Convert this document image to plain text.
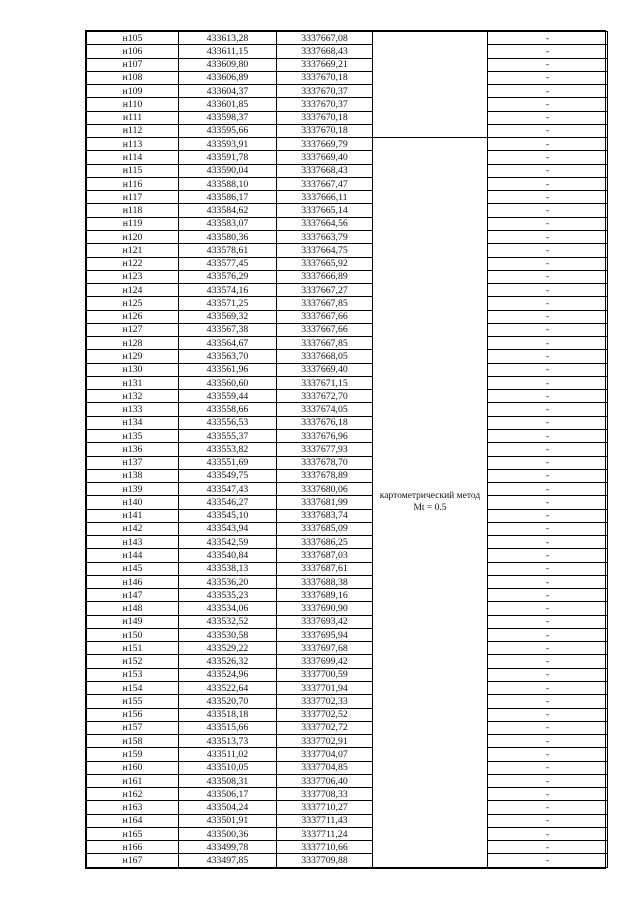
н105	433613,28	3337667,08		-
н106	433611,15	3337668,43		-
н107	433609,80	3337669,21		-
н108	433606,89	3337670,18		-
н109	433604,37	3337670,37		-
н110	433601,85	3337670,37		-
н111	433598,37	3337670,18		-
н112	433595,66	3337670,18		-
н113	433593,91	3337669,79	картометрический метод Mt = 0.5	-
н114	433591,78	3337669,40		-
н115	433590,04	3337668,43		-
н116	433588,10	3337667,47		-
н117	433586,17	3337666,11		-
н118	433584,62	3337665,14		-
н119	433583,07	3337664,56		-
н120	433580,36	3337663,79		-
н121	433578,61	3337664,75		-
н122	433577,45	3337665,92		-
н123	433576,29	3337666,89		-
н124	433574,16	3337667,27		-
н125	433571,25	3337667,85		-
н126	433569,32	3337667,66		-
н127	433567,38	3337667,66		-
н128	433564,67	3337667,85		-
н129	433563,70	3337668,05		-
н130	433561,96	3337669,40		-
н131	433560,60	3337671,15		-
н132	433559,44	3337672,70		-
н133	433558,66	3337674,05		-
н134	433556,53	3337676,18		-
н135	433555,37	3337676,96		-
н136	433553,82	3337677,93		-
н137	433551,69	3337678,70		-
н138	433549,75	3337678,89		-
н139	433547,43	3337680,06		-
н140	433546,27	3337681,99		-
н141	433545,10	3337683,74		-
н142	433543,94	3337685,09		-
н143	433542,59	3337686,25		-
н144	433540,84	3337687,03		-
н145	433538,13	3337687,61		-
н146	433536,20	3337688,38		-
н147	433535,23	3337689,16		-
н148	433534,06	3337690,90		-
н149	433532,52	3337693,42		-
н150	433530,58	3337695,94		-
н151	433529,22	3337697,68		-
н152	433526,32	3337699,42		-
н153	433524,96	3337700,59		-
н154	433522,64	3337701,94		-
н155	433520,70	3337702,33		-
н156	433518,18	3337702,52		-
н157	433515,66	3337702,72		-
н158	433513,73	3337702,91		-
н159	433511,02	3337704,07		-
н160	433510,05	3337704,85		-
н161	433508,31	3337706,40		-
н162	433506,17	3337708,33		-
н163	433504,24	3337710,27		-
н164	433501,91	3337711,43		-
н165	433500,36	3337711,24		-
н166	433499,78	3337710,66		-
н167	433497,85	3337709,88		-
